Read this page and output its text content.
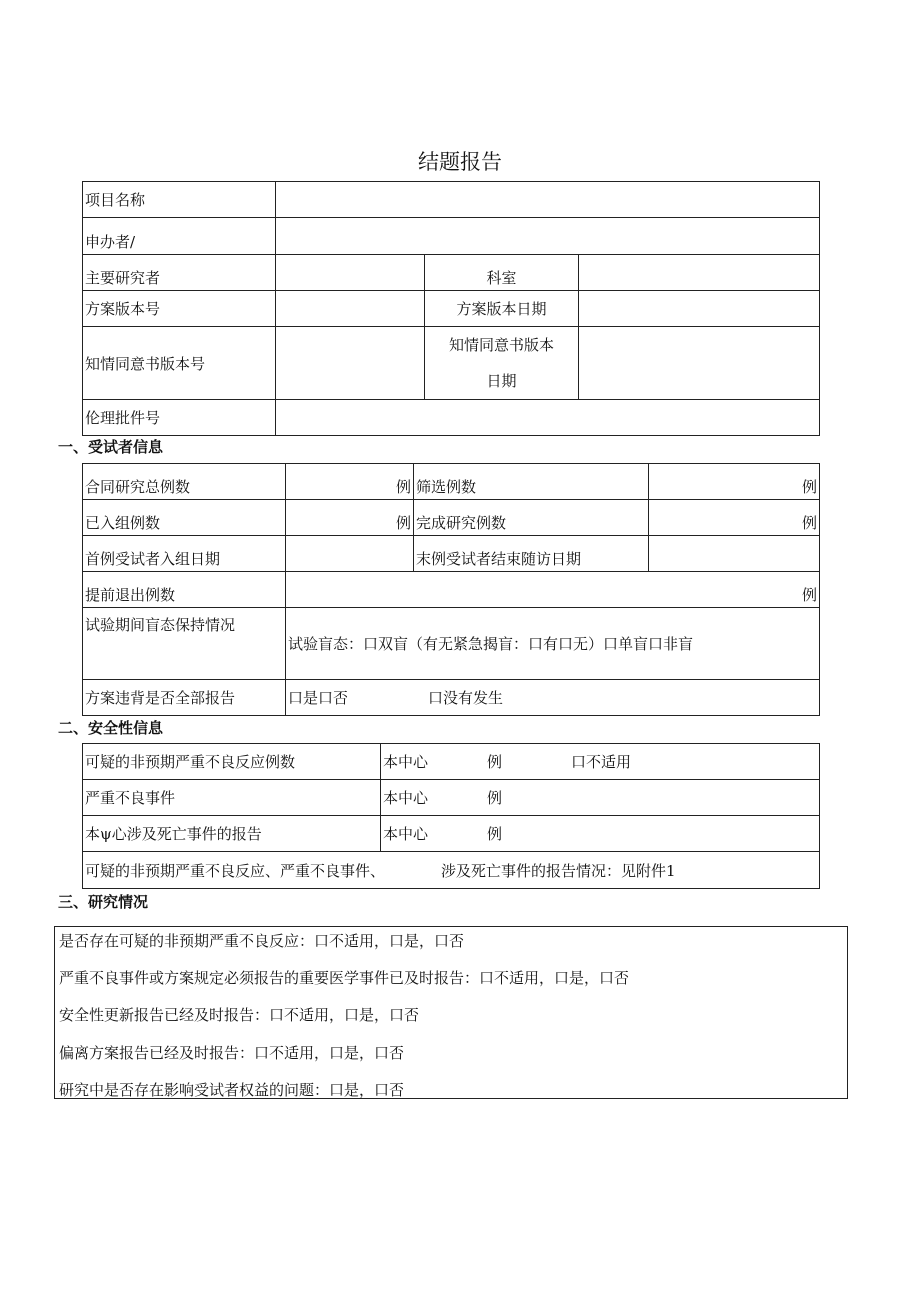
结题报告
项目名称			
申办者/			
主要研究者		科室	
方案版本号		方案版本日期	
知情同意书版本号		知情同意书版本
日期	

伦理批件号			
一、受试者信息
合同研究总例数	例	筛选例数	例
已入组例数	例	完成研究例数	例
首例受试者入组日期		末例受试者结束随访日期	
提前退出例数	例		
试验期间盲态保持情况	试验盲态：口双盲（有无紧急揭盲：口有口无）口单盲口非盲		
方案违背是否全部报告	口是口否 口没有发生		
二、安全性信息
可疑的非预期严重不良反应例数	本中心 例 口不适用
严重不良事件	本中心 例
本ψ心涉及死亡事件的报告	本中心 例
可疑的非预期严重不良反应、严重不良事件、 涉及死亡事件的报告情况：见附件1	
三、研究情况
是否存在可疑的非预期严重不良反应：口不适用，口是，口否
严重不良事件或方案规定必须报告的重要医学事件已及时报告：口不适用，口是，口否
安全性更新报告已经及时报告：口不适用，口是，口否
偏离方案报告已经及时报告：口不适用，口是，口否
研究中是否存在影响受试者权益的问题：口是，口否
